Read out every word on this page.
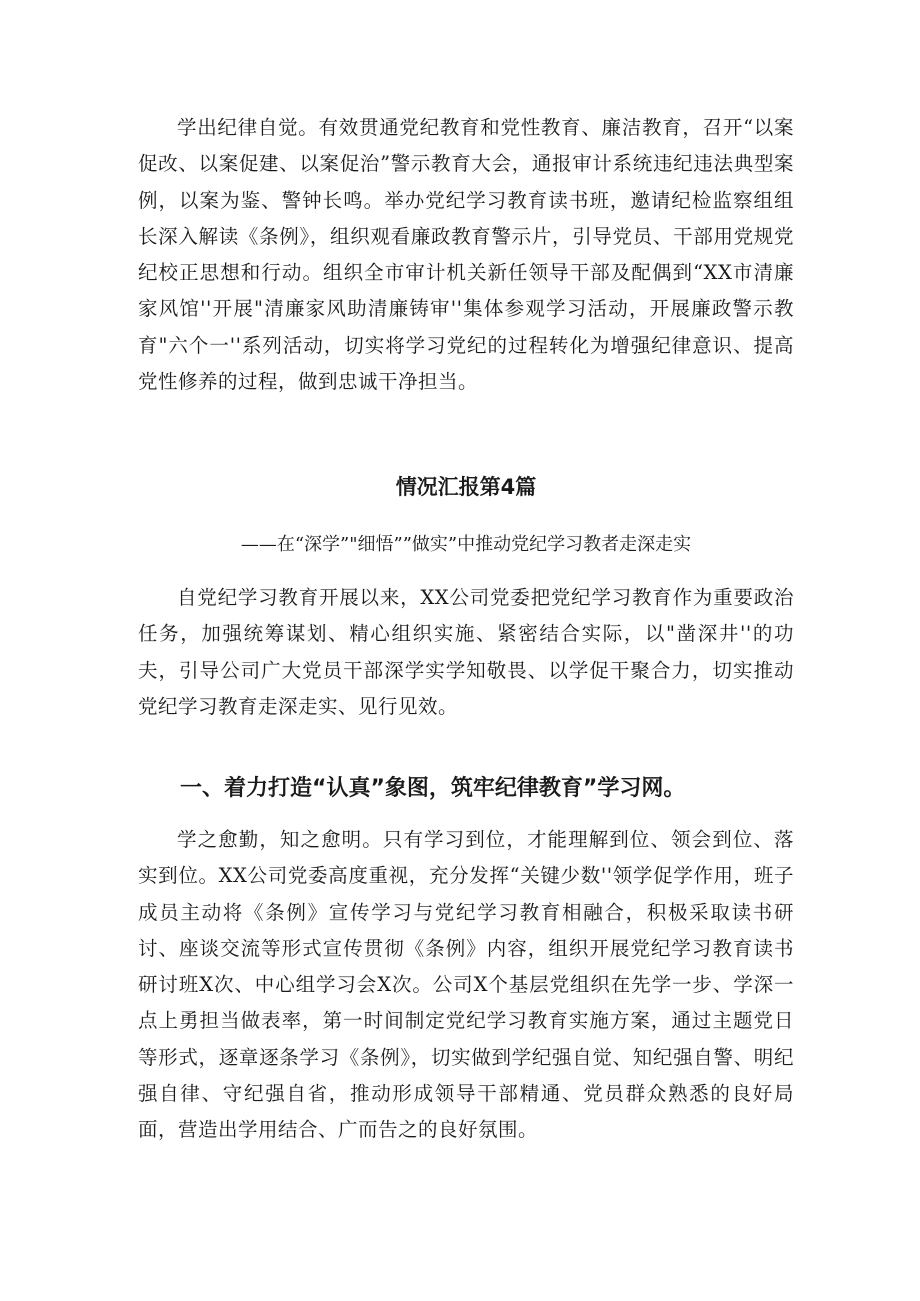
学出纪律自觉。有效贯通党纪教育和党性教育、廉洁教育，召开“以案促改、以案促建、以案促治”警示教育大会，通报审计系统违纪违法典型案例，以案为鉴、警钟长鸣。举办党纪学习教育读书班，邀请纪检监察组组长深入解读《条例》，组织观看廉政教育警示片，引导党员、干部用党规党纪校正思想和行动。组织全市审计机关新任领导干部及配偶到“XX市清廉家风馆''开展"清廉家风助清廉铸审''集体参观学习活动，开展廉政警示教育"六个一''系列活动，切实将学习党纪的过程转化为增强纪律意识、提高党性修养的过程，做到忠诚干净担当。

情况汇报第4篇

——在“深学”"细悟””做实”中推动党纪学习教者走深走实

自党纪学习教育开展以来，XX公司党委把党纪学习教育作为重要政治任务，加强统筹谋划、精心组织实施、紧密结合实际，以"凿深井''的功夫，引导公司广大党员干部深学实学知敬畏、以学促干聚合力，切实推动党纪学习教育走深走实、见行见效。

一、着力打造“认真”象图，筑牢纪律教育”学习网。

学之愈勤，知之愈明。只有学习到位，才能理解到位、领会到位、落实到位。XX公司党委高度重视，充分发挥“关键少数''领学促学作用，班子成员主动将《条例》宣传学习与党纪学习教育相融合，积极采取读书研讨、座谈交流等形式宣传贯彻《条例》内容，组织开展党纪学习教育读书研讨班X次、中心组学习会X次。公司X个基层党组织在先学一步、学深一点上勇担当做表率，第一时间制定党纪学习教育实施方案，通过主题党日等形式，逐章逐条学习《条例》，切实做到学纪强自觉、知纪强自警、明纪强自律、守纪强自省，推动形成领导干部精通、党员群众熟悉的良好局面，营造出学用结合、广而告之的良好氛围。
